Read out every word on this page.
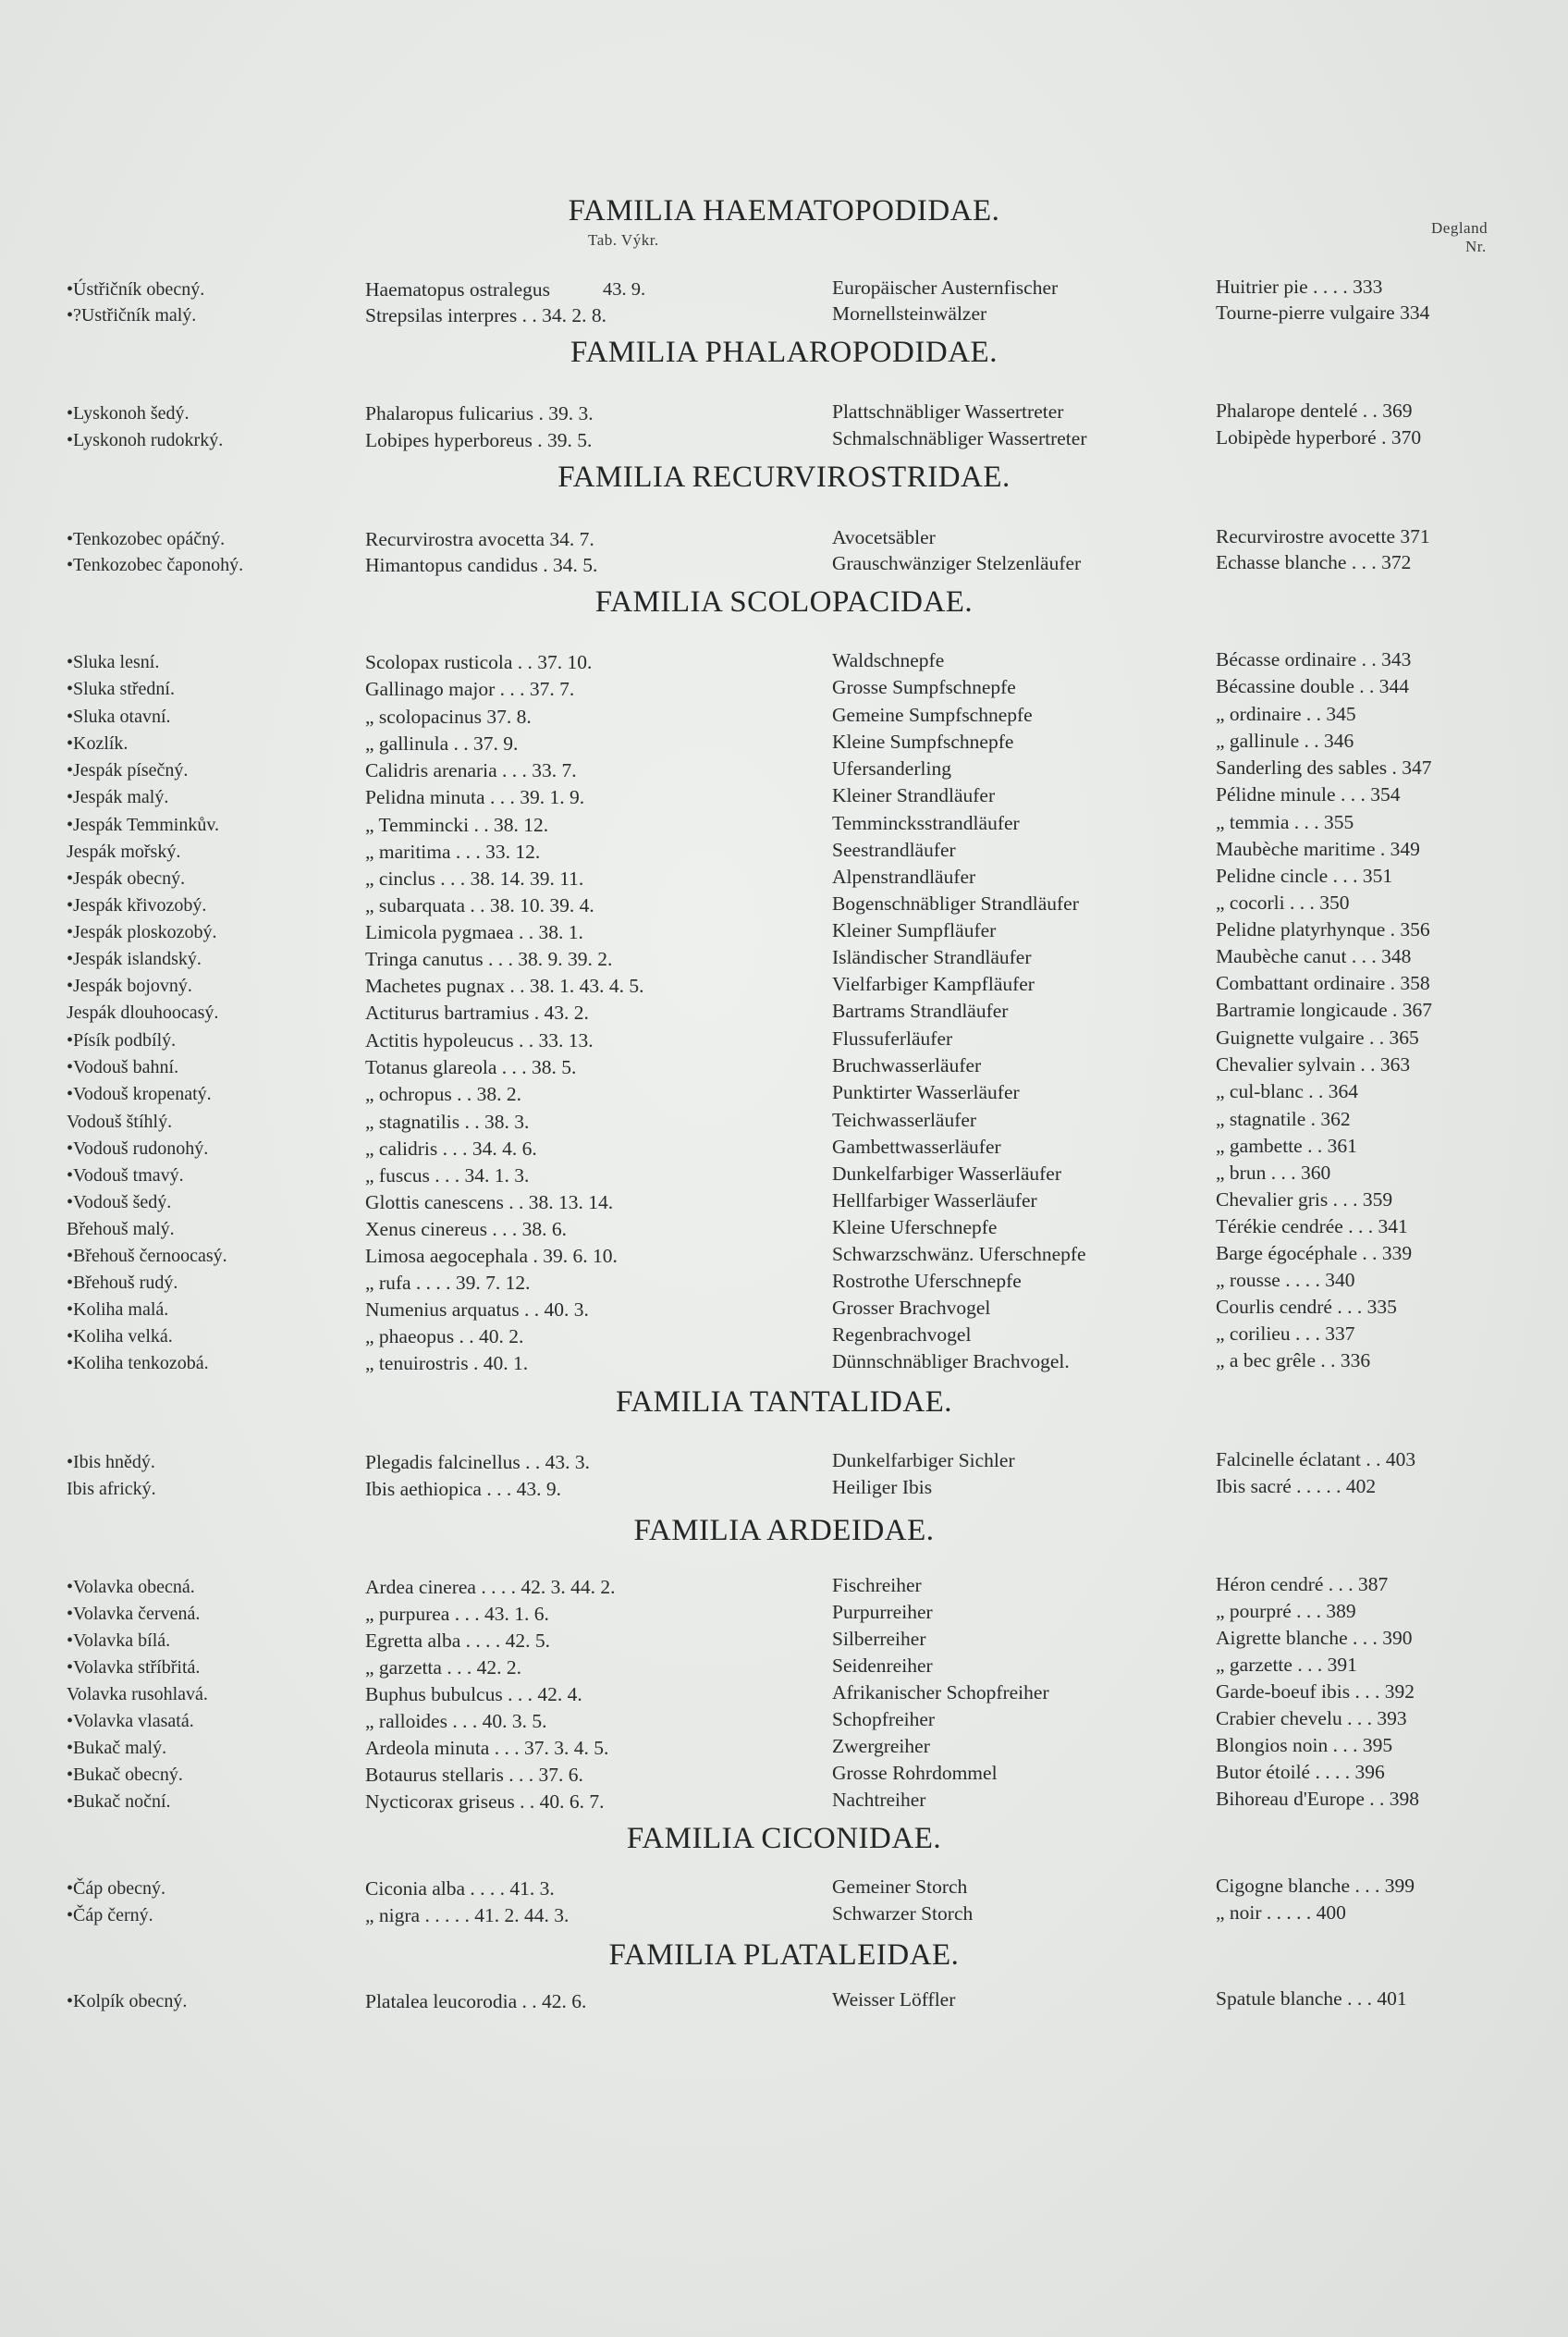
FAMILIA HAEMATOPODIDAE.
Tab. Výkr.
Degland
Nr.
•Ústřičník obecný.	Haematopus ostralegus	43. 9.	Europäischer Austernfischer	Huitrier pie . . . . 333
•?Ustřičník malý.	Strepsilas interpres . . 34. 2. 8.	Mornellsteinwälzer	Tourne-pierre vulgaire 334
FAMILIA PHALAROPODIDAE.
•Lyskonoh šedý.	Phalaropus fulicarius . 39. 3.	Plattschnäbliger Wassertreter	Phalarope dentelé . . 369
•Lyskonoh rudokrký.	Lobipes hyperboreus . 39. 5.	Schmalschnäbliger Wassertreter	Lobipède hyperboré . 370
FAMILIA RECURVIROSTRIDAE.
•Tenkozobec opáčný.	Recurvirostra avocetta 34. 7.	Avocetsäbler	Recurvirostre avocette 371
•Tenkozobec čaponohý.	Himantopus candidus . 34. 5.	Grauschwänziger Stelzenläufer	Echasse blanche . . . 372
FAMILIA SCOLOPACIDAE.
•Sluka lesní.	Scolopax rusticola . . 37. 10.	Waldschnepfe	Bécasse ordinaire . . 343
•Sluka střední.	Gallinago major . . . 37. 7.	Grosse Sumpfschnepfe	Bécassine double . . 344
•Sluka otavní.	„ scolopacinus 37. 8.	Gemeine Sumpfschnepfe	„ ordinaire . . 345
•Kozlík.	„ gallinula . . 37. 9.	Kleine Sumpfschnepfe	„ gallinule . . 346
•Jespák písečný.	Calidris arenaria . . . 33. 7.	Ufersanderling	Sanderling des sables . 347
•Jespák malý.	Pelidna minuta . . . 39. 1. 9.	Kleiner Strandläufer	Pélidne minule . . . 354
•Jespák Temminkův.	„ Temmincki . . 38. 12.	Temmincksstrandläufer	„ temmia . . . 355
Jespák mořský.	„ maritima . . . 33. 12.	Seestrandläufer	Maubèche maritime . 349
•Jespák obecný.	„ cinclus . . . 38. 14. 39. 11.	Alpenstrandläufer	Pelidne cincle . . . 351
•Jespák křivozobý.	„ subarquata . . 38. 10. 39. 4.	Bogenschnäbliger Strandläufer	„ cocorli . . . 350
•Jespák ploskozobý.	Limicola pygmaea . . 38. 1.	Kleiner Sumpfläufer	Pelidne platyrhynque . 356
•Jespák islandský.	Tringa canutus . . . 38. 9. 39. 2.	Isländischer Strandläufer	Maubèche canut . . . 348
•Jespák bojovný.	Machetes pugnax . . 38. 1. 43. 4. 5.	Vielfarbiger Kampfläufer	Combattant ordinaire . 358
Jespák dlouhoocasý.	Actiturus bartramius . 43. 2.	Bartrams Strandläufer	Bartramie longicaude . 367
•Písík podbílý.	Actitis hypoleucus . . 33. 13.	Flussuferläufer	Guignette vulgaire . . 365
•Vodouš bahní.	Totanus glareola . . . 38. 5.	Bruchwasserläufer	Chevalier sylvain . . 363
•Vodouš kropenatý.	„ ochropus . . 38. 2.	Punktirter Wasserläufer	„ cul-blanc . . 364
Vodouš štíhlý.	„ stagnatilis . . 38. 3.	Teichwasserläufer	„ stagnatile . 362
•Vodouš rudonohý.	„ calidris . . . 34. 4. 6.	Gambettwasserläufer	„ gambette . . 361
•Vodouš tmavý.	„ fuscus . . . 34. 1. 3.	Dunkelfarbiger Wasserläufer	„ brun . . . 360
•Vodouš šedý.	Glottis canescens . . 38. 13. 14.	Hellfarbiger Wasserläufer	Chevalier gris . . . 359
Břehouš malý.	Xenus cinereus . . . 38. 6.	Kleine Uferschnepfe	Térékie cendrée . . . 341
•Břehouš černoocasý.	Limosa aegocephala . 39. 6. 10.	Schwarzschwänz. Uferschnepfe	Barge égocéphale . . 339
•Břehouš rudý.	„ rufa . . . . 39. 7. 12.	Rostrothe Uferschnepfe	„ rousse . . . . 340
•Koliha malá.	Numenius arquatus . . 40. 3.	Grosser Brachvogel	Courlis cendré . . . 335
•Koliha velká.	„ phaeopus . . 40. 2.	Regenbrachvogel	„ corilieu . . . 337
•Koliha tenkozobá.	„ tenuirostris . 40. 1.	Dünnschnäbliger Brachvogel.	„ a bec grêle . . 336
FAMILIA TANTALIDAE.
•Ibis hnědý.	Plegadis falcinellus . . 43. 3.	Dunkelfarbiger Sichler	Falcinelle éclatant . . 403
Ibis africký.	Ibis aethiopica . . . 43. 9.	Heiliger Ibis	Ibis sacré . . . . . 402
FAMILIA ARDEIDAE.
•Volavka obecná.	Ardea cinerea . . . . 42. 3. 44. 2.	Fischreiher	Héron cendré . . . 387
•Volavka červená.	„ purpurea . . . 43. 1. 6.	Purpurreiher	„ pourpré . . . 389
•Volavka bílá.	Egretta alba . . . . 42. 5.	Silberreiher	Aigrette blanche . . . 390
•Volavka stříbřitá.	„ garzetta . . . 42. 2.	Seidenreiher	„ garzette . . . 391
Volavka rusohlavá.	Buphus bubulcus . . . 42. 4.	Afrikanischer Schopfreiher	Garde-boeuf ibis . . . 392
•Volavka vlasatá.	„ ralloides . . . 40. 3. 5.	Schopfreiher	Crabier chevelu . . . 393
•Bukač malý.	Ardeola minuta . . . 37. 3. 4. 5.	Zwergreiher	Blongios noin . . . 395
•Bukač obecný.	Botaurus stellaris . . . 37. 6.	Grosse Rohrdommel	Butor étoilé . . . . 396
•Bukač noční.	Nycticorax griseus . . 40. 6. 7.	Nachtreiher	Bihoreau d'Europe . . 398
FAMILIA CICONIDAE.
•Čáp obecný.	Ciconia alba . . . . 41. 3.	Gemeiner Storch	Cigogne blanche . . . 399
•Čáp černý.	„ nigra . . . . . 41. 2. 44. 3.	Schwarzer Storch	„ noir . . . . . 400
FAMILIA PLATALEIDAE.
•Kolpík obecný.	Platalea leucorodia . . 42. 6.	Weisser Löffler	Spatule blanche . . . 401
